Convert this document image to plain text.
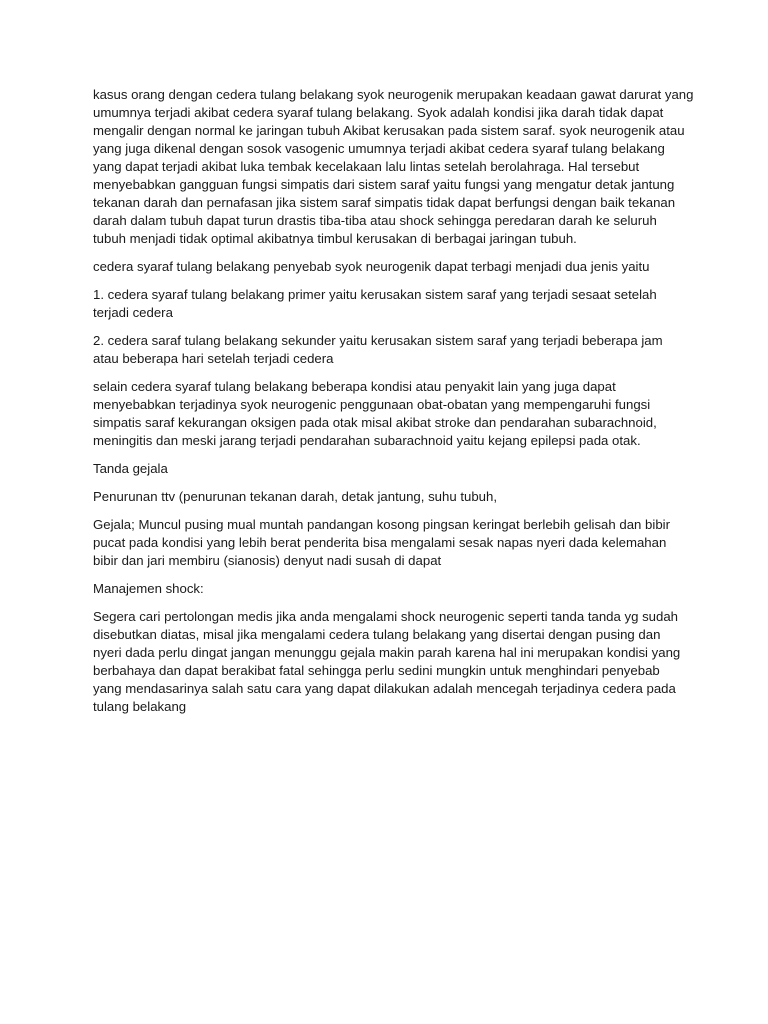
kasus orang dengan cedera tulang belakang syok neurogenik merupakan keadaan gawat darurat yang
umumnya terjadi akibat cedera syaraf tulang belakang. Syok adalah kondisi jika darah tidak dapat
mengalir dengan normal ke jaringan tubuh Akibat kerusakan pada sistem saraf. syok neurogenik atau
yang juga dikenal dengan sosok vasogenic umumnya terjadi akibat cedera syaraf tulang belakang
yang dapat terjadi akibat luka tembak kecelakaan lalu lintas setelah berolahraga. Hal tersebut
menyebabkan gangguan fungsi simpatis dari sistem saraf yaitu fungsi yang mengatur detak jantung
tekanan darah dan pernafasan jika sistem saraf simpatis tidak dapat berfungsi dengan baik tekanan
darah dalam tubuh dapat turun drastis tiba-tiba atau shock sehingga peredaran darah ke seluruh
tubuh menjadi tidak optimal akibatnya timbul kerusakan di berbagai jaringan tubuh.

cedera syaraf tulang belakang penyebab syok neurogenik dapat terbagi menjadi dua jenis yaitu

1. cedera syaraf tulang belakang primer yaitu kerusakan sistem saraf yang terjadi sesaat setelah
terjadi cedera

2. cedera saraf tulang belakang sekunder yaitu kerusakan sistem saraf yang terjadi beberapa jam
atau beberapa hari setelah terjadi cedera

selain cedera syaraf tulang belakang beberapa kondisi atau penyakit lain yang juga dapat
menyebabkan terjadinya syok neurogenic penggunaan obat-obatan yang mempengaruhi fungsi
simpatis saraf kekurangan oksigen pada otak misal akibat stroke dan pendarahan subarachnoid,
meningitis dan meski jarang terjadi pendarahan subarachnoid yaitu kejang epilepsi pada otak.

Tanda gejala

Penurunan ttv (penurunan tekanan darah, detak jantung, suhu tubuh,

Gejala; Muncul pusing mual muntah pandangan kosong pingsan keringat berlebih gelisah dan bibir
pucat pada kondisi yang lebih berat penderita bisa mengalami sesak napas nyeri dada kelemahan
bibir dan jari membiru (sianosis) denyut nadi susah di dapat

Manajemen shock:

Segera cari pertolongan medis jika anda mengalami shock neurogenic seperti tanda tanda yg sudah
disebutkan diatas, misal jika mengalami cedera tulang belakang yang disertai dengan pusing dan
nyeri dada perlu dingat jangan menunggu gejala makin parah karena hal ini merupakan kondisi yang
berbahaya dan dapat berakibat fatal sehingga perlu sedini mungkin untuk menghindari penyebab
yang mendasarinya salah satu cara yang dapat dilakukan adalah mencegah terjadinya cedera pada
tulang belakang
